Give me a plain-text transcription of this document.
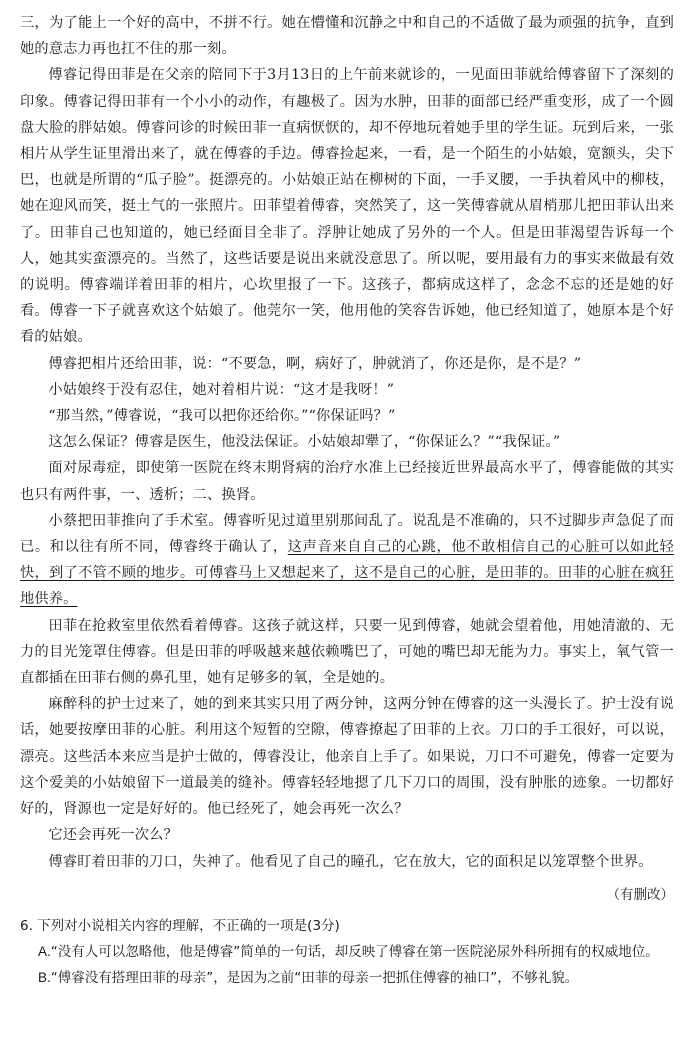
三，为了能上一个好的高中，不拼不行。她在懵懂和沉静之中和自己的不适做了最为顽强的抗争，直到她的意志力再也扛不住的那一刻。

傅睿记得田菲是在父亲的陪同下于3月13日的上午前来就诊的，一见面田菲就给傅睿留下了深刻的印象。傅睿记得田菲有一个小小的动作，有趣极了。因为水肿，田菲的面部已经严重变形，成了一个圆盘大脸的胖姑娘。傅睿问诊的时候田菲一直病恹恹的，却不停地玩着她手里的学生证。玩到后来，一张相片从学生证里滑出来了，就在傅睿的手边。傅睿捡起来，一看，是一个陌生的小姑娘，宽额头，尖下巴，也就是所谓的“瓜子脸”。挺漂亮的。小姑娘正站在柳树的下面，一手叉腰，一手执着风中的柳枝，她在迎风而笑，挺土气的一张照片。田菲望着傅睿，突然笑了，这一笑傅睿就从眉梢那儿把田菲认出来了。田菲自己也知道的，她已经面目全非了。浮肿让她成了另外的一个人。但是田菲渴望告诉每一个人，她其实蛮漂亮的。当然了，这些话要是说出来就没意思了。所以呢，要用最有力的事实来做最有效的说明。傅睿端详着田菲的相片，心坎里报了一下。这孩子，都病成这样了，念念不忘的还是她的好看。傅睿一下子就喜欢这个姑娘了。他莞尔一笑，他用他的笑容告诉她，他已经知道了，她原本是个好看的姑娘。

傅睿把相片还给田菲，说：“不要急，啊，病好了，肿就消了，你还是你，是不是？”

小姑娘终于没有忍住，她对着相片说：“这才是我呀！”

“那当然，”傅睿说，“我可以把你还给你。”“你保证吗？”

这怎么保证？傅睿是医生，他没法保证。小姑娘却犟了，“你保证么？”“我保证。”

面对尿毒症，即使第一医院在终末期肾病的治疗水准上已经接近世界最高水平了，傅睿能做的其实也只有两件事，一、透析；二、换肾。

小蔡把田菲推向了手术室。傅睿听见过道里别那间乱了。说乱是不准确的，只不过脚步声急促了而已。和以往有所不同，傅睿终于确认了，这声音来自自己的心跳，他不敢相信自己的心脏可以如此轻快，到了不管不顾的地步。可傅睿马上又想起来了，这不是自己的心脏，是田菲的。田菲的心脏在疯狂地供养。

田菲在抢救室里依然看着傅睿。这孩子就这样，只要一见到傅睿，她就会望着他，用她清澈的、无力的目光笼罩住傅睿。但是田菲的呼吸越来越依赖嘴巴了，可她的嘴巴却无能为力。事实上，氧气管一直都插在田菲右侧的鼻孔里，她有足够多的氧，全是她的。

麻醉科的护士过来了，她的到来其实只用了两分钟，这两分钟在傅睿的这一头漫长了。护士没有说话，她要按摩田菲的心脏。利用这个短暂的空隙，傅睿撩起了田菲的上衣。刀口的手工很好，可以说，漂亮。这些活本来应当是护士做的，傅睿没让，他亲自上手了。如果说，刀口不可避免，傅睿一定要为这个爱美的小姑娘留下一道最美的缝补。傅睿轻轻地摁了几下刀口的周围，没有肿胀的迹象。一切都好好的，肾源也一定是好好的。他已经死了，她会再死一次么？

它还会再死一次么？

傅睿盯着田菲的刀口，失神了。他看见了自己的瞳孔，它在放大，它的面积足以笼罩整个世界。

（有删改）

6. 下列对小说相关内容的理解，不正确的一项是(3分)

A.“没有人可以忽略他，他是傅睿”简单的一句话，却反映了傅睿在第一医院泌尿外科所拥有的权威地位。

B.“傅睿没有搭理田菲的母亲”，是因为之前“田菲的母亲一把抓住傅睿的袖口”，不够礼貌。
